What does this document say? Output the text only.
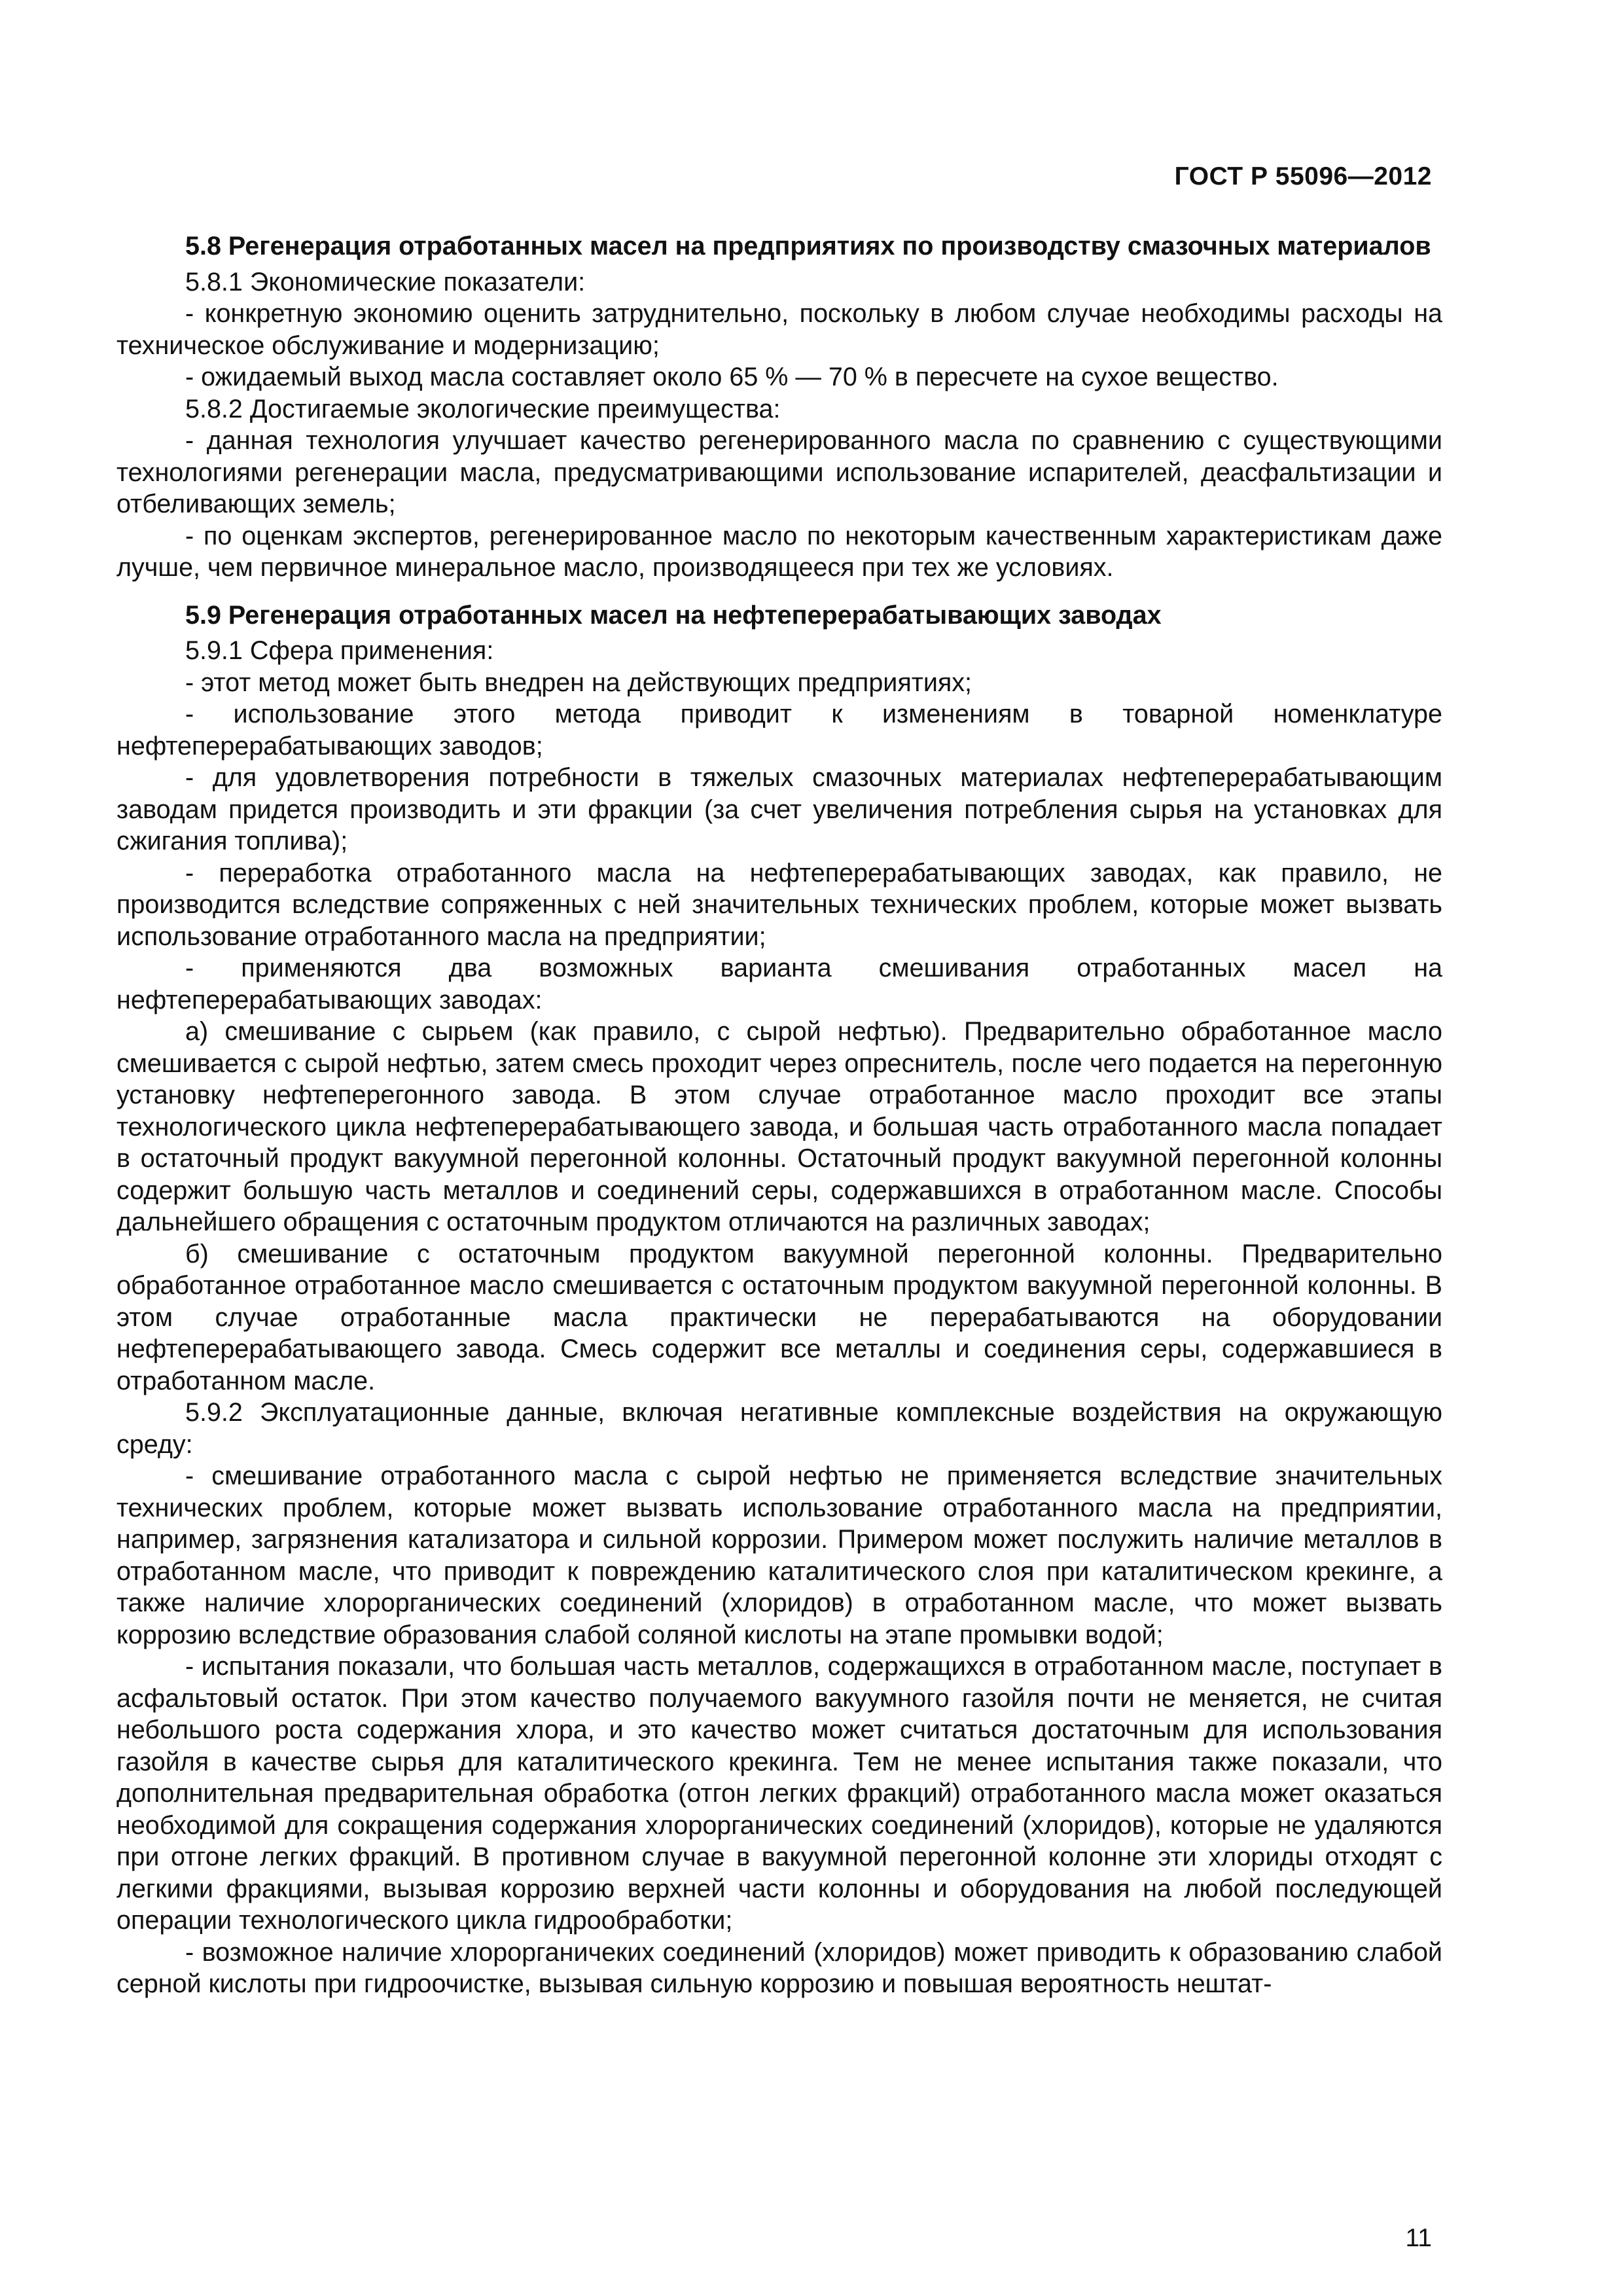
ГОСТ Р 55096—2012
5.8 Регенерация отработанных масел на предприятиях по производству смазочных материалов
5.8.1 Экономические показатели:
- конкретную экономию оценить затруднительно, поскольку в любом случае необходимы расходы на техническое обслуживание и модернизацию;
- ожидаемый выход масла составляет около 65 % — 70 % в пересчете на сухое вещество.
5.8.2 Достигаемые экологические преимущества:
- данная технология улучшает качество регенерированного масла по сравнению с существующими технологиями регенерации масла, предусматривающими использование испарителей, деасфальтизации и отбеливающих земель;
- по оценкам экспертов, регенерированное масло по некоторым качественным характеристикам даже лучше, чем первичное минеральное масло, производящееся при тех же условиях.
5.9 Регенерация отработанных масел на нефтеперерабатывающих заводах
5.9.1 Сфера применения:
- этот метод может быть внедрен на действующих предприятиях;
- использование этого метода приводит к изменениям в товарной номенклатуре нефтеперерабатывающих заводов;
- для удовлетворения потребности в тяжелых смазочных материалах нефтеперерабатывающим заводам придется производить и эти фракции (за счет увеличения потребления сырья на установках для сжигания топлива);
- переработка отработанного масла на нефтеперерабатывающих заводах, как правило, не производится вследствие сопряженных с ней значительных технических проблем, которые может вызвать использование отработанного масла на предприятии;
- применяются два возможных варианта смешивания отработанных масел на нефтеперерабатывающих заводах:
а) смешивание с сырьем (как правило, с сырой нефтью). Предварительно обработанное масло смешивается с сырой нефтью, затем смесь проходит через опреснитель, после чего подается на перегонную установку нефтеперегонного завода. В этом случае отработанное масло проходит все этапы технологического цикла нефтеперерабатывающего завода, и большая часть отработанного масла попадает в остаточный продукт вакуумной перегонной колонны. Остаточный продукт вакуумной перегонной колонны содержит большую часть металлов и соединений серы, содержавшихся в отработанном масле. Способы дальнейшего обращения с остаточным продуктом отличаются на различных заводах;
б) смешивание с остаточным продуктом вакуумной перегонной колонны. Предварительно обработанное отработанное масло смешивается с остаточным продуктом вакуумной перегонной колонны. В этом случае отработанные масла практически не перерабатываются на оборудовании нефтеперерабатывающего завода. Смесь содержит все металлы и соединения серы, содержавшиеся в отработанном масле.
5.9.2 Эксплуатационные данные, включая негативные комплексные воздействия на окружающую среду:
- смешивание отработанного масла с сырой нефтью не применяется вследствие значительных технических проблем, которые может вызвать использование отработанного масла на предприятии, например, загрязнения катализатора и сильной коррозии. Примером может послужить наличие металлов в отработанном масле, что приводит к повреждению каталитического слоя при каталитическом крекинге, а также наличие хлорорганических соединений (хлоридов) в отработанном масле, что может вызвать коррозию вследствие образования слабой соляной кислоты на этапе промывки водой;
- испытания показали, что большая часть металлов, содержащихся в отработанном масле, поступает в асфальтовый остаток. При этом качество получаемого вакуумного газойля почти не меняется, не считая небольшого роста содержания хлора, и это качество может считаться достаточным для использования газойля в качестве сырья для каталитического крекинга. Тем не менее испытания также показали, что дополнительная предварительная обработка (отгон легких фракций) отработанного масла может оказаться необходимой для сокращения содержания хлорорганических соединений (хлоридов), которые не удаляются при отгоне легких фракций. В противном случае в вакуумной перегонной колонне эти хлориды отходят с легкими фракциями, вызывая коррозию верхней части колонны и оборудования на любой последующей операции технологического цикла гидрообработки;
- возможное наличие хлорорганичеких соединений (хлоридов) может приводить к образованию слабой серной кислоты при гидроочистке, вызывая сильную коррозию и повышая вероятность нештат-
11
